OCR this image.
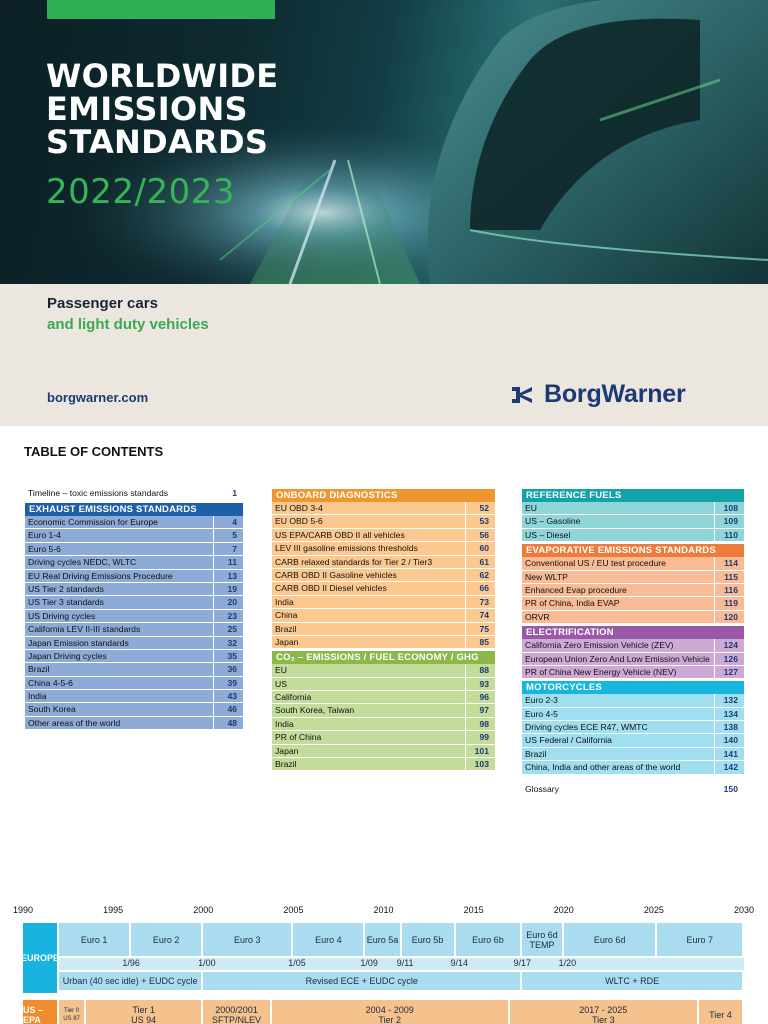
WORLDWIDE
EMISSIONS
STANDARDS
2022/2023
Passenger cars
and light duty vehicles
borgwarner.com	BorgWarner
TABLE OF CONTENTS
Timeline – toxic emissions standards	1
EXHAUST EMISSIONS STANDARDS
Economic Commission for Europe	4
Euro 1-4	5
Euro 5-6	7
Driving cycles NEDC, WLTC	11
EU Real Driving Emissions Procedure	13
US Tier 2 standards	19
US Tier 3 standards	20
US Driving cycles	23
California LEV II-III standards	25
Japan Emission standards	32
Japan Driving cycles	35
Brazil	36
China 4-5-6	39
India	43
South Korea	46
Other areas of the world	48
ONBOARD DIAGNOSTICS
EU OBD 3-4	52
EU OBD 5-6	53
US EPA/CARB OBD II all vehicles	56
LEV III gasoline emissions thresholds	60
CARB relaxed standards for Tier 2 / Tier3	61
CARB OBD II Gasoline vehicles	62
CARB OBD II Diesel vehicles	66
India	73
China	74
Brazil	75
Japan	85
CO₂ – EMISSIONS / FUEL ECONOMY / GHG
EU	88
US	93
California	96
South Korea, Taiwan	97
India	98
PR of China	99
Japan	101
Brazil	103
REFERENCE FUELS
EU	108
US – Gasoline	109
US – Diesel	110
EVAPORATIVE EMISSIONS STANDARDS
Conventional US / EU test procedure	114
New WLTP	115
Enhanced Evap procedure	116
PR of China, India EVAP	119
ORVR	120
ELECTRIFICATION
California Zero Emission Vehicle (ZEV)	124
European Union Zero And Low Emission Vehicle	126
PR of China New Energy Vehicle (NEV)	127
MOTORCYCLES
Euro 2-3	132
Euro 4-5	134
Driving cycles ECE R47, WMTC	138
US Federal / California	140
Brazil	141
China, India and other areas of the world	142
Glossary	150
1990	1995	2000	2005	2010	2015	2020	2025	2030
EUROPE
Euro 1	Euro 2	Euro 3	Euro 4	Euro 5a	Euro 5b	Euro 6b	Euro 6d
TEMP	Euro 6d	Euro 7
1/96	1/00	1/05	1/09 9/11	9/14	9/17	1/20
Urban (40 sec idle) + EUDC cycle	Revised ECE + EUDC cycle	WLTC + RDE
US – EPA
Tier 0
US 87
Tier 1
US 94
2000/2001
SFTP/NLEV
2004 - 2009
Tier 2
2017 - 2025
Tier 3	Tier 4
